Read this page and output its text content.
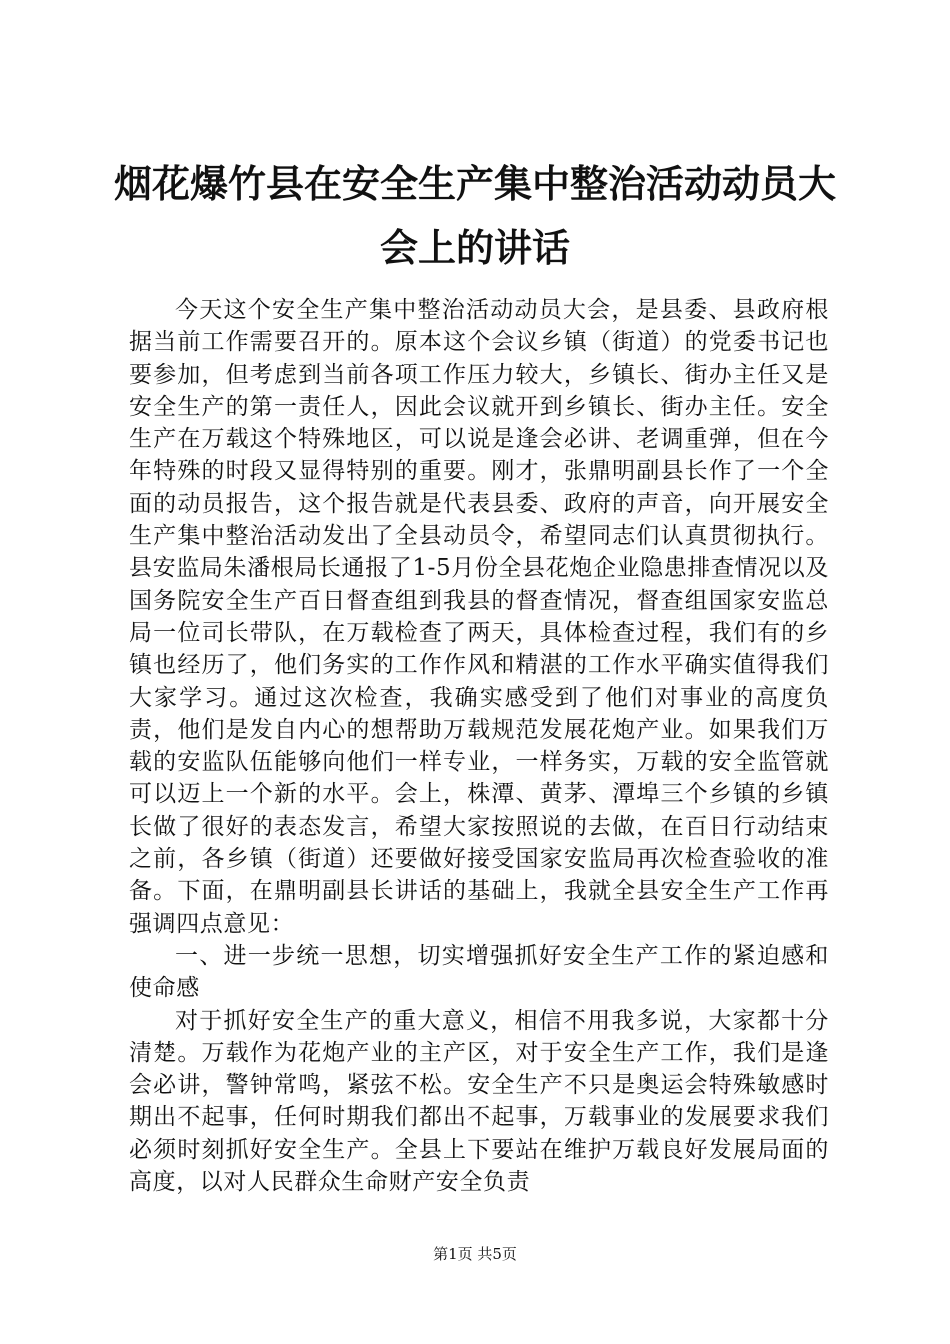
烟花爆竹县在安全生产集中整治活动动员大会上的讲话

今天这个安全生产集中整治活动动员大会，是县委、县政府根据当前工作需要召开的。原本这个会议乡镇（街道）的党委书记也要参加，但考虑到当前各项工作压力较大，乡镇长、街办主任又是安全生产的第一责任人，因此会议就开到乡镇长、街办主任。安全生产在万载这个特殊地区，可以说是逢会必讲、老调重弹，但在今年特殊的时段又显得特别的重要。刚才，张鼎明副县长作了一个全面的动员报告，这个报告就是代表县委、政府的声音，向开展安全生产集中整治活动发出了全县动员令，希望同志们认真贯彻执行。县安监局朱潘根局长通报了1-5月份全县花炮企业隐患排查情况以及国务院安全生产百日督查组到我县的督查情况，督查组国家安监总局一位司长带队，在万载检查了两天，具体检查过程，我们有的乡镇也经历了，他们务实的工作作风和精湛的工作水平确实值得我们大家学习。通过这次检查，我确实感受到了他们对事业的高度负责，他们是发自内心的想帮助万载规范发展花炮产业。如果我们万载的安监队伍能够向他们一样专业，一样务实，万载的安全监管就可以迈上一个新的水平。会上，株潭、黄茅、潭埠三个乡镇的乡镇长做了很好的表态发言，希望大家按照说的去做，在百日行动结束之前，各乡镇（街道）还要做好接受国家安监局再次检查验收的准备。下面，在鼎明副县长讲话的基础上，我就全县安全生产工作再强调四点意见：

一、进一步统一思想，切实增强抓好安全生产工作的紧迫感和使命感

对于抓好安全生产的重大意义，相信不用我多说，大家都十分清楚。万载作为花炮产业的主产区，对于安全生产工作，我们是逢会必讲，警钟常鸣，紧弦不松。安全生产不只是奥运会特殊敏感时期出不起事，任何时期我们都出不起事，万载事业的发展要求我们必须时刻抓好安全生产。全县上下要站在维护万载良好发展局面的高度，以对人民群众生命财产安全负责

第1页 共5页
